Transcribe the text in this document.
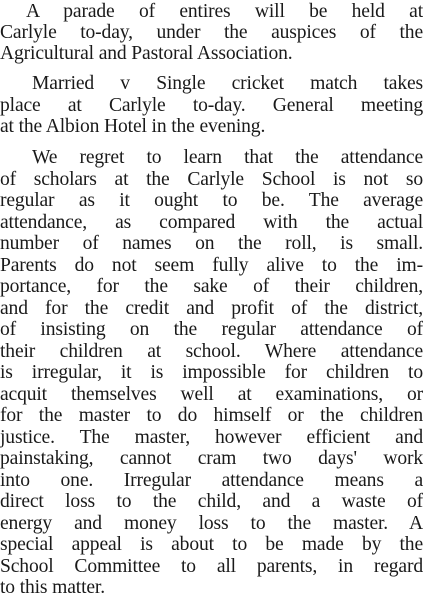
A parade of entires will be held at
Carlyle to-day, under the auspices of the
Agricultural and Pastoral Association.
Married v Single cricket match takes
place at Carlyle to-day. General meeting
at the Albion Hotel in the evening.
We regret to learn that the attendance
of scholars at the Carlyle School is not so
regular as it ought to be. The average
attendance, as compared with the actual
number of names on the roll, is small.
Parents do not seem fully alive to the im-
portance, for the sake of their children,
and for the credit and profit of the district,
of insisting on the regular attendance of
their children at school. Where attendance
is irregular, it is impossible for children to
acquit themselves well at examinations, or
for the master to do himself or the children
justice. The master, however efficient and
painstaking, cannot cram two days' work
into one. Irregular attendance means a
direct loss to the child, and a waste of
energy and money loss to the master. A
special appeal is about to be made by the
School Committee to all parents, in regard
to this matter.
